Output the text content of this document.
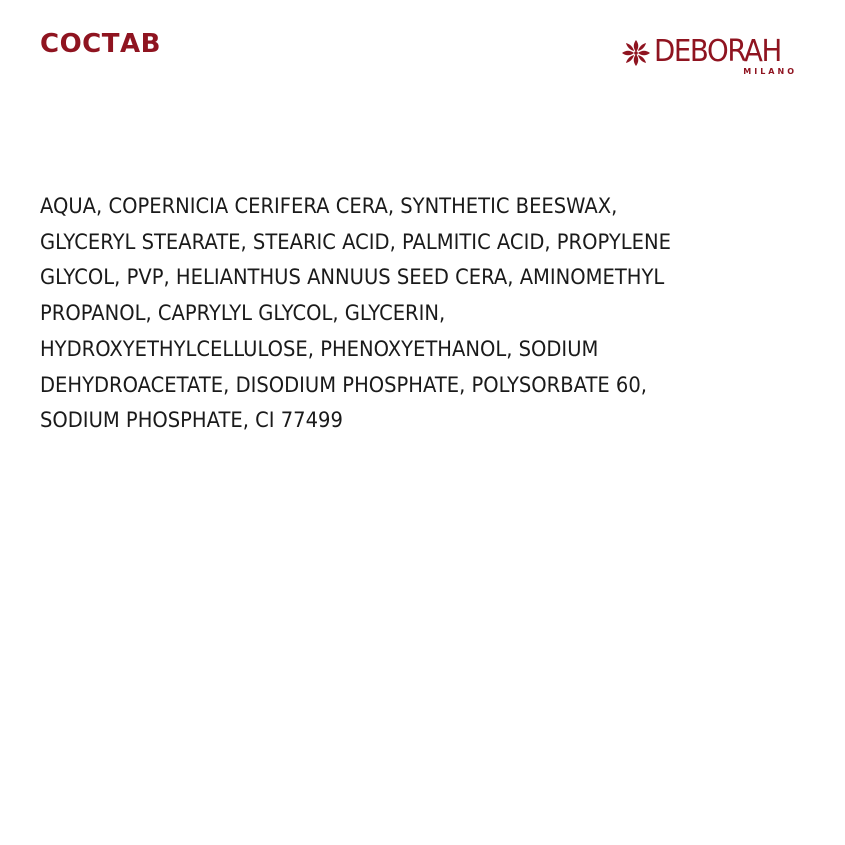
СОСТАВ	DEBORAH
MILANO

AQUA, COPERNICIA CERIFERA CERA, SYNTHETIC BEESWAX,
GLYCERYL STEARATE, STEARIC ACID, PALMITIC ACID, PROPYLENE
GLYCOL, PVP, HELIANTHUS ANNUUS SEED CERA, AMINOMETHYL
PROPANOL, CAPRYLYL GLYCOL, GLYCERIN,
HYDROXYETHYLCELLULOSE, PHENOXYETHANOL, SODIUM
DEHYDROACETATE, DISODIUM PHOSPHATE, POLYSORBATE 60,
SODIUM PHOSPHATE, CI 77499
